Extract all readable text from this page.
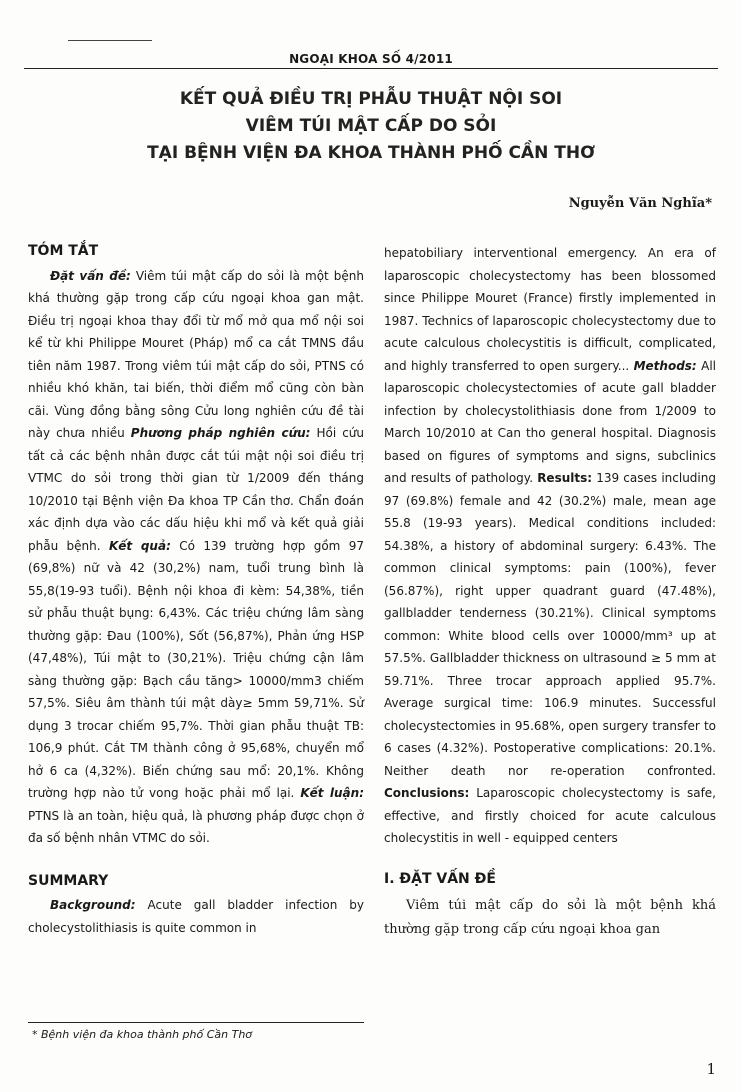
NGOẠI KHOA SỐ 4/2011
KẾT QUẢ ĐIỀU TRỊ PHẪU THUẬT NỘI SOI
VIÊM TÚI MẬT CẤP DO SỎI
TẠI BỆNH VIỆN ĐA KHOA THÀNH PHỐ CẦN THƠ
Nguyễn Văn Nghĩa*
TÓM TẮT

Đặt vấn đề: Viêm túi mật cấp do sỏi là một bệnh khá thường gặp trong cấp cứu ngoại khoa gan mật. Điều trị ngoại khoa thay đổi từ mổ mở qua mổ nội soi kể từ khi Philippe Mouret (Pháp) mổ ca cắt TMNS đầu tiên năm 1987. Trong viêm túi mật cấp do sỏi, PTNS có nhiều khó khăn, tai biến, thời điểm mổ cũng còn bàn cãi. Vùng đồng bằng sông Cửu long nghiên cứu đề tài này chưa nhiều Phương pháp nghiên cứu: Hồi cứu tất cả các bệnh nhân được cắt túi mật nội soi điều trị VTMC do sỏi trong thời gian từ 1/2009 đến tháng 10/2010 tại Bệnh viện Đa khoa TP Cần thơ. Chẩn đoán xác định dựa vào các dấu hiệu khi mổ và kết quả giải phẫu bệnh. Kết quả: Có 139 trường hợp gồm 97 (69,8%) nữ và 42 (30,2%) nam, tuổi trung bình là 55,8(19-93 tuổi). Bệnh nội khoa đi kèm: 54,38%, tiền sử phẫu thuật bụng: 6,43%. Các triệu chứng lâm sàng thường gặp: Đau (100%), Sốt (56,87%), Phản ứng HSP (47,48%), Túi mật to (30,21%). Triệu chứng cận lâm sàng thường gặp: Bạch cầu tăng> 10000/mm3 chiếm 57,5%. Siêu âm thành túi mật dày≥ 5mm 59,71%. Sử dụng 3 trocar chiếm 95,7%. Thời gian phẫu thuật TB: 106,9 phút. Cắt TM thành công ở 95,68%, chuyển mổ hở 6 ca (4,32%). Biến chứng sau mổ: 20,1%. Không trường hợp nào tử vong hoặc phải mổ lại. Kết luận: PTNS là an toàn, hiệu quả, là phương pháp được chọn ở đa số bệnh nhân VTMC do sỏi.

SUMMARY

Background: Acute gall bladder infection by cholecystolithiasis is quite common in

hepatobiliary interventional emergency. An era of laparoscopic cholecystectomy has been blossomed since Philippe Mouret (France) firstly implemented in 1987. Technics of laparoscopic cholecystectomy due to acute calculous cholecystitis is difficult, complicated, and highly transferred to open surgery... Methods: All laparoscopic cholecystectomies of acute gall bladder infection by cholecystolithiasis done from 1/2009 to March 10/2010 at Can tho general hospital. Diagnosis based on figures of symptoms and signs, subclinics and results of pathology. Results: 139 cases including 97 (69.8%) female and 42 (30.2%) male, mean age 55.8 (19-93 years). Medical conditions included: 54.38%, a history of abdominal surgery: 6.43%. The common clinical symptoms: pain (100%), fever (56.87%), right upper quadrant guard (47.48%), gallbladder tenderness (30.21%). Clinical symptoms common: White blood cells over 10000/mm³ up at 57.5%. Gallbladder thickness on ultrasound ≥ 5 mm at 59.71%. Three trocar approach applied 95.7%. Average surgical time: 106.9 minutes. Successful cholecystectomies in 95.68%, open surgery transfer to 6 cases (4.32%). Postoperative complications: 20.1%. Neither death nor re-operation confronted. Conclusions: Laparoscopic cholecystectomy is safe, effective, and firstly choiced for acute calculous cholecystitis in well - equipped centers

I. ĐẶT VẤN ĐỀ

Viêm túi mật cấp do sỏi là một bệnh khá thường gặp trong cấp cứu ngoại khoa gan

* Bệnh viện đa khoa thành phố Cần Thơ
1
